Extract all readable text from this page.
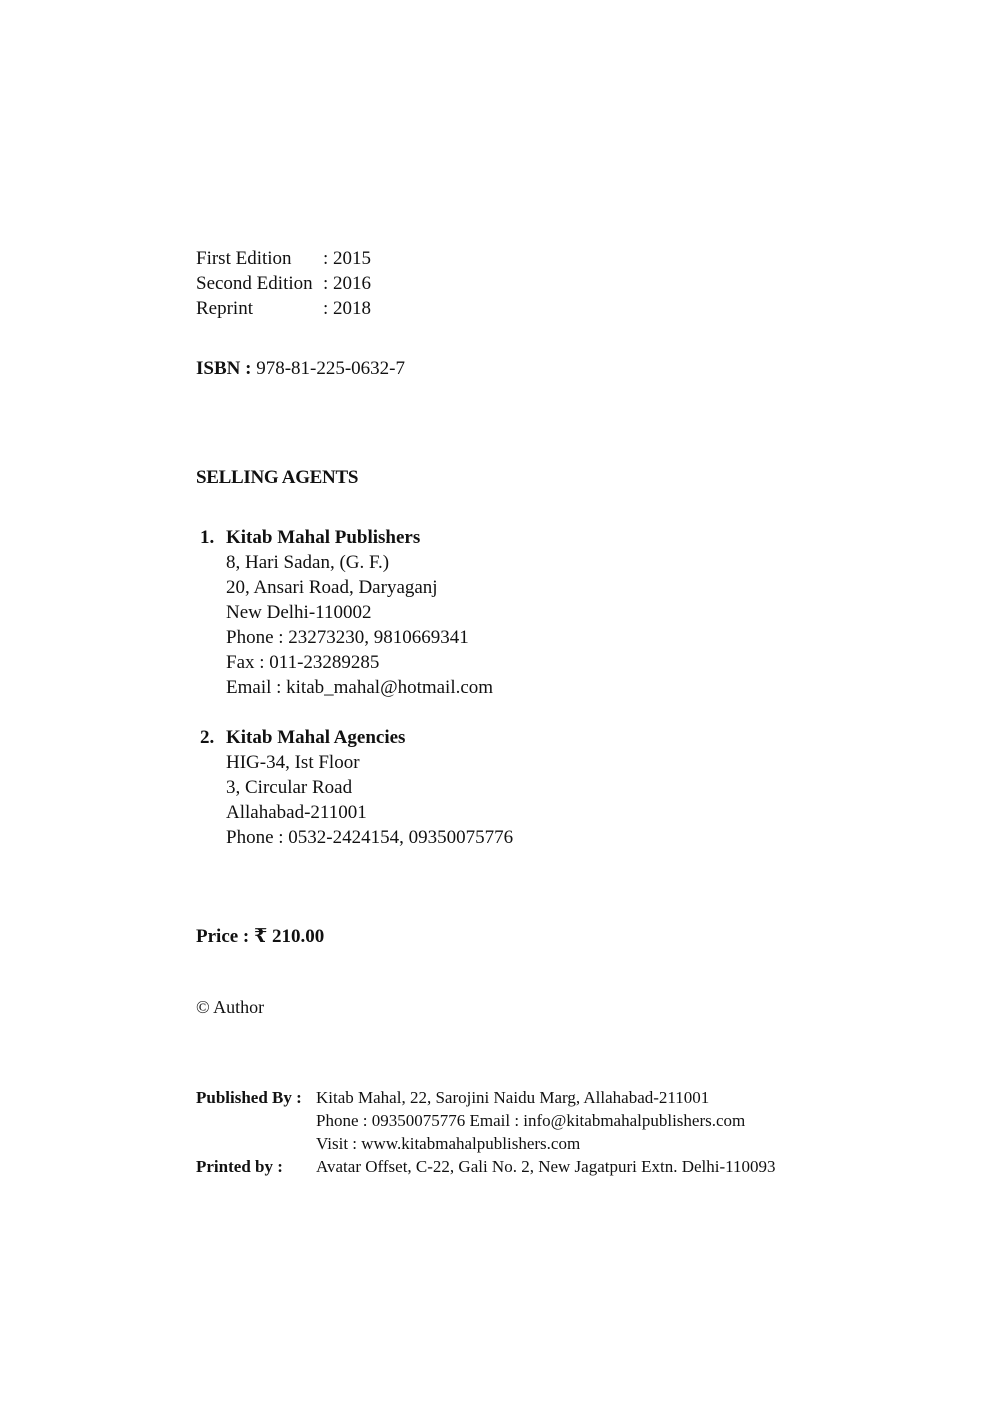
First Edition	: 2015
Second Edition : 2016
Reprint	: 2018
ISBN : 978-81-225-0632-7
SELLING AGENTS
1. Kitab Mahal Publishers
8, Hari Sadan, (G. F.)
20, Ansari Road, Daryaganj
New Delhi-110002
Phone : 23273230, 9810669341
Fax : 011-23289285
Email : kitab_mahal@hotmail.com
2. Kitab Mahal Agencies
HIG-34, Ist Floor
3, Circular Road
Allahabad-211001
Phone : 0532-2424154, 09350075776
Price : ₹ 210.00
© Author
Published By : Kitab Mahal, 22, Sarojini Naidu Marg, Allahabad-211001
Phone : 09350075776 Email : info@kitabmahalpublishers.com
Visit : www.kitabmahalpublishers.com
Printed by :	Avatar Offset, C-22, Gali No. 2, New Jagatpuri Extn. Delhi-110093
